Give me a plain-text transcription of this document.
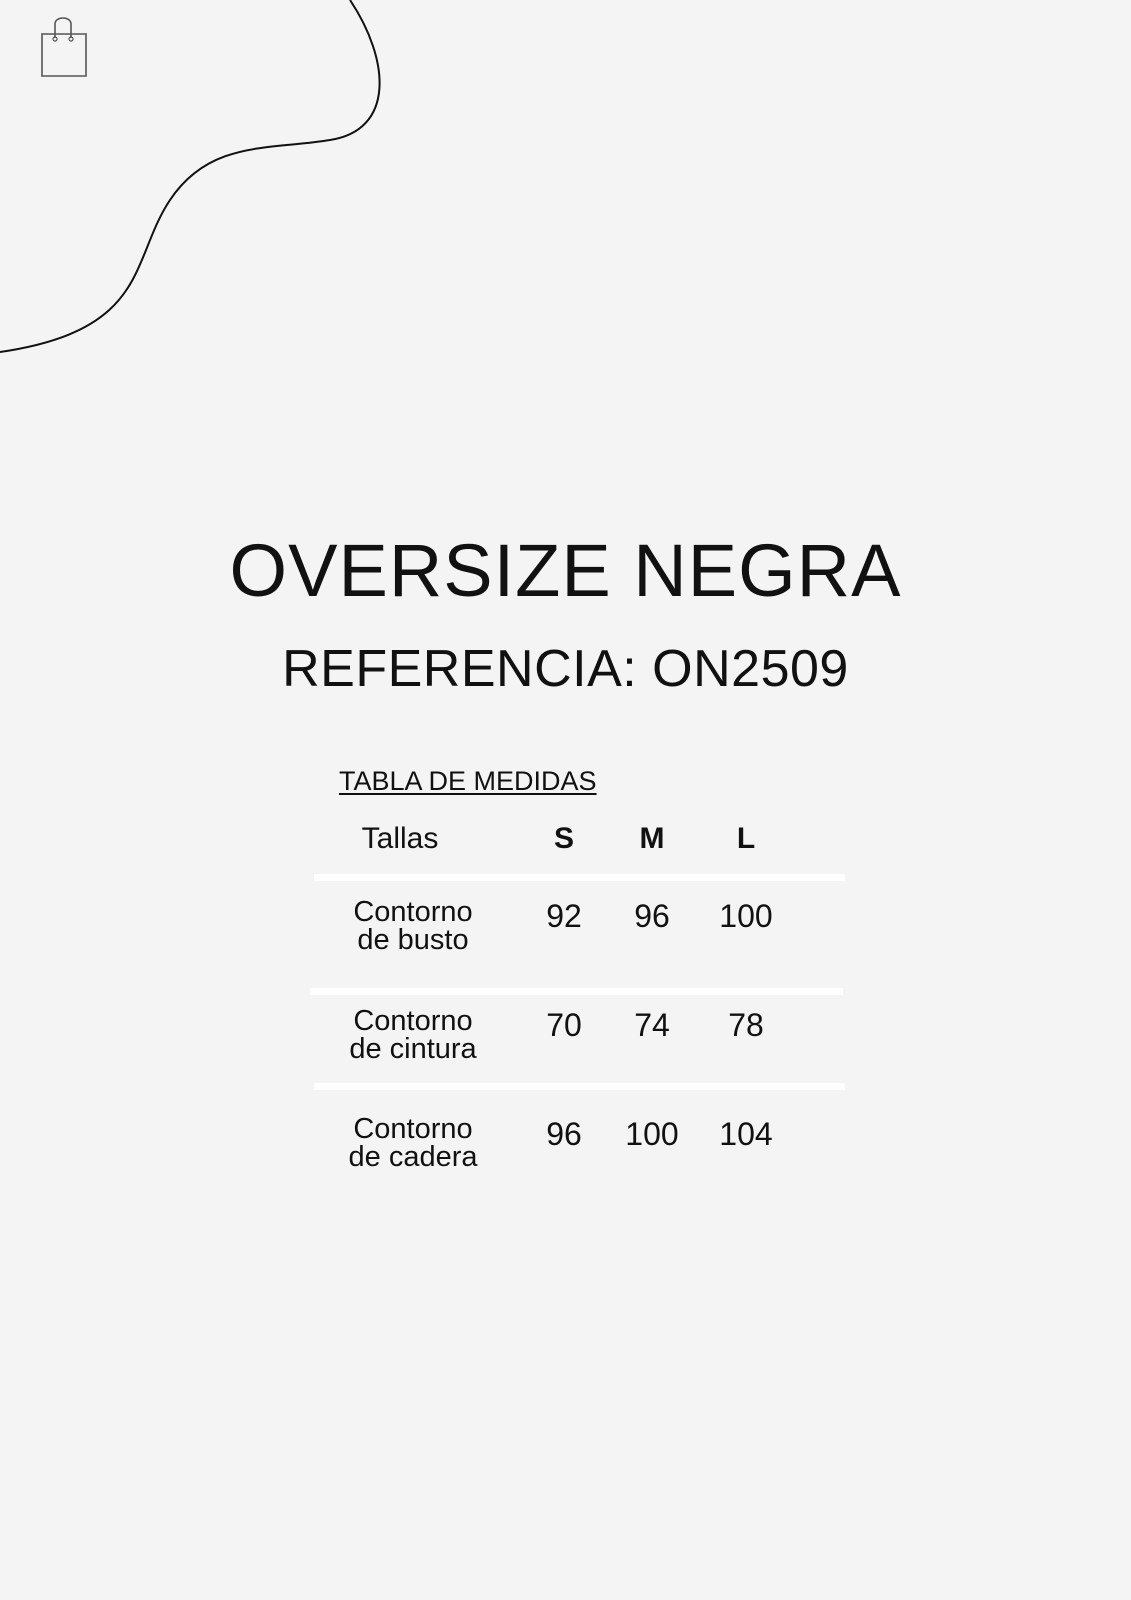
OVERSIZE NEGRA
REFERENCIA: ON2509
TABLA DE MEDIDAS
Tallas	S	M	L
Contorno
de busto
92	96	100
Contorno
de cintura
70	74	78
Contorno
de cadera
96	100	104
